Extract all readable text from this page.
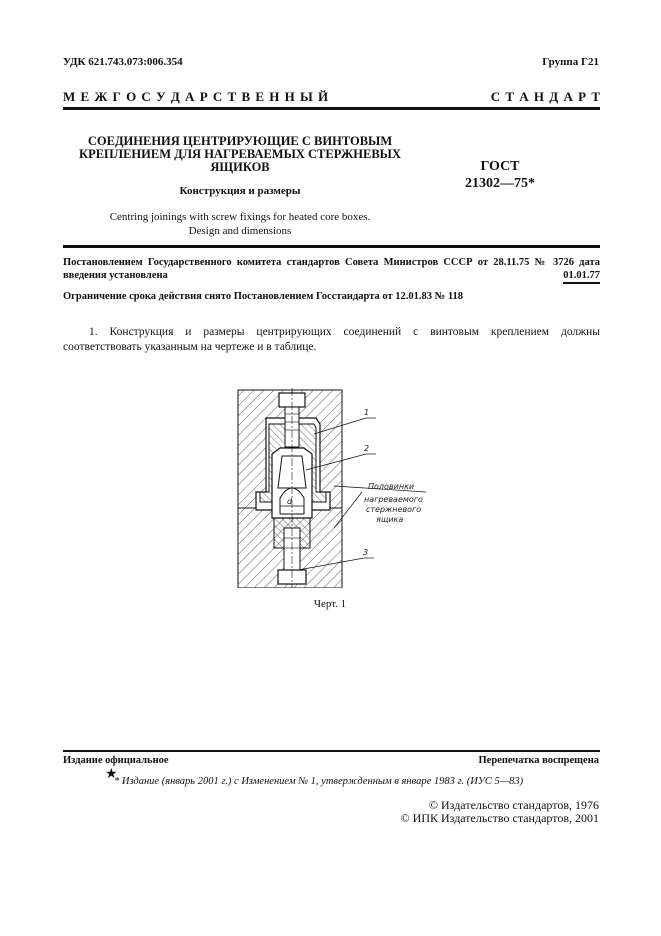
УДК 621.743.073:006.354	Группа Г21
М Е Ж Г О С У Д А Р С Т В Е Н Н Ы Й	С Т А Н Д А Р Т
СОЕДИНЕНИЯ ЦЕНТРИРУЮЩИЕ С ВИНТОВЫМ
КРЕПЛЕНИЕМ ДЛЯ НАГРЕВАЕМЫХ СТЕРЖНЕВЫХ
ЯЩИКОВ
Конструкция и размеры
Centring joinings with screw fixings for heated core boxes.
Design and dimensions
ГОСТ
21302—75*
Постановлением Государственного комитета стандартов Совета Министров СССР от 28.11.75 № 3726 дата введения установлена	01.01.77
Ограничение срока действия снято Постановлением Госстандарта от 12.01.83 № 118
1. Конструкция и размеры центрирующих соединений с винтовым креплением должны соответствовать указанным на чертеже и в таблице.
d
1
2
3
Половинки
нагреваемого
стержневого
ящика
Черт. 1
Издание официальное	Перепечатка воспрещена
★
* Издание (январь 2001 г.) с Изменением № 1, утвержденным в январе 1983 г. (ИУС 5—83)
© Издательство стандартов, 1976
© ИПК Издательство стандартов, 2001
